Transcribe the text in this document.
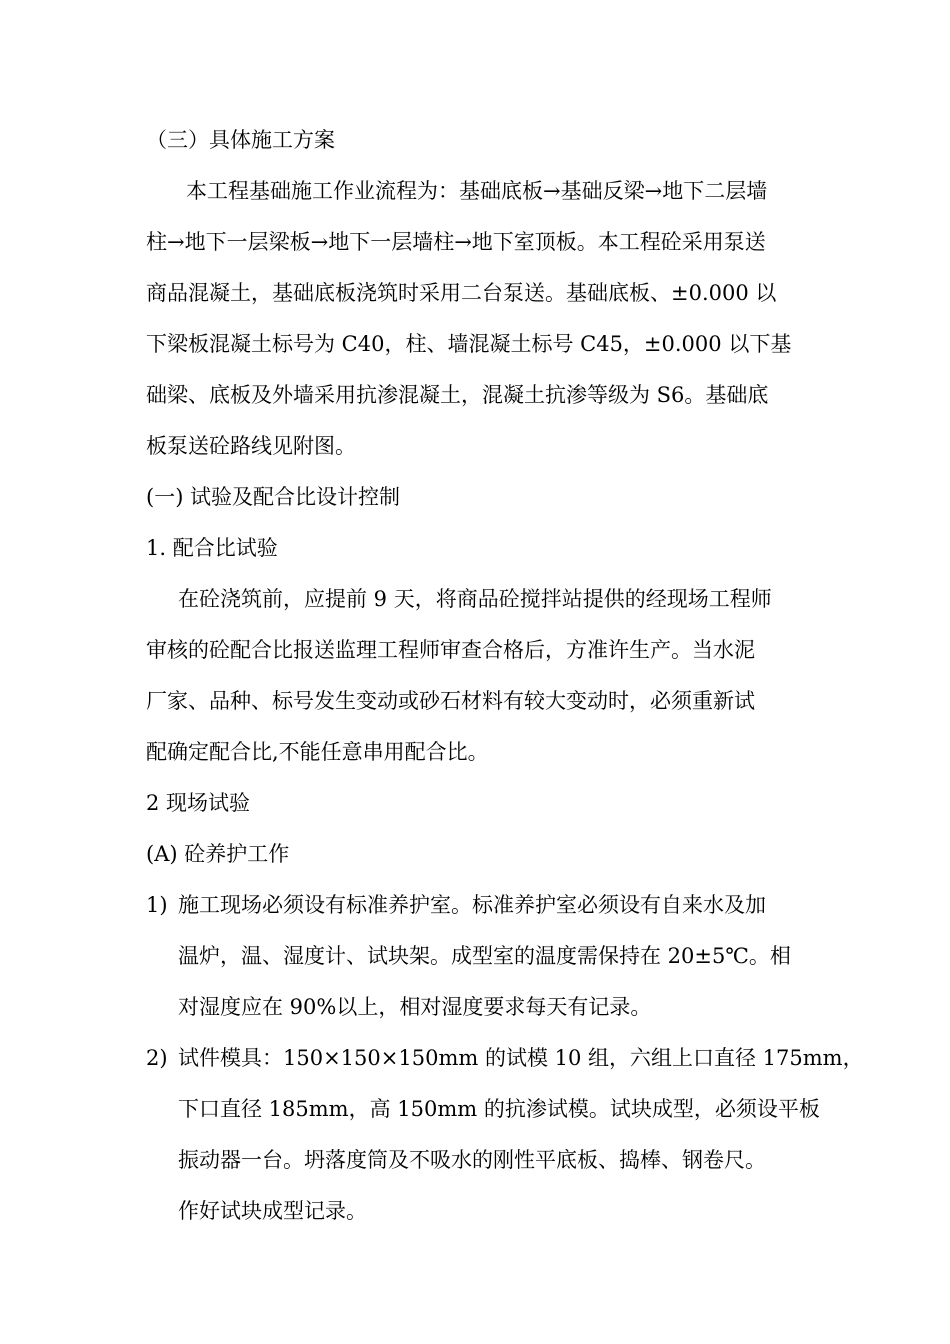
（三）具体施工方案
本工程基础施工作业流程为：基础底板→基础反梁→地下二层墙
柱→地下一层梁板→地下一层墙柱→地下室顶板。本工程砼采用泵送
商品混凝土，基础底板浇筑时采用二台泵送。基础底板、±0.000 以
下梁板混凝土标号为 C40，柱、墙混凝土标号 C45，±0.000 以下基
础梁、底板及外墙采用抗渗混凝土，混凝土抗渗等级为 S6。基础底
板泵送砼路线见附图。
(一) 试验及配合比设计控制
1. 配合比试验
在砼浇筑前，应提前 9 天，将商品砼搅拌站提供的经现场工程师
审核的砼配合比报送监理工程师审查合格后，方准许生产。当水泥
厂家、品种、标号发生变动或砂石材料有较大变动时，必须重新试
配确定配合比,不能任意串用配合比。
2 现场试验
(A) 砼养护工作
1) 施工现场必须设有标准养护室。标准养护室必须设有自来水及加
温炉，温、湿度计、试块架。成型室的温度需保持在 20±5℃。相
对湿度应在 90%以上，相对湿度要求每天有记录。
2) 试件模具：150×150×150mm 的试模 10 组，六组上口直径 175mm，
下口直径 185mm，高 150mm 的抗渗试模。试块成型，必须设平板
振动器一台。坍落度筒及不吸水的刚性平底板、捣棒、钢卷尺。
作好试块成型记录。
